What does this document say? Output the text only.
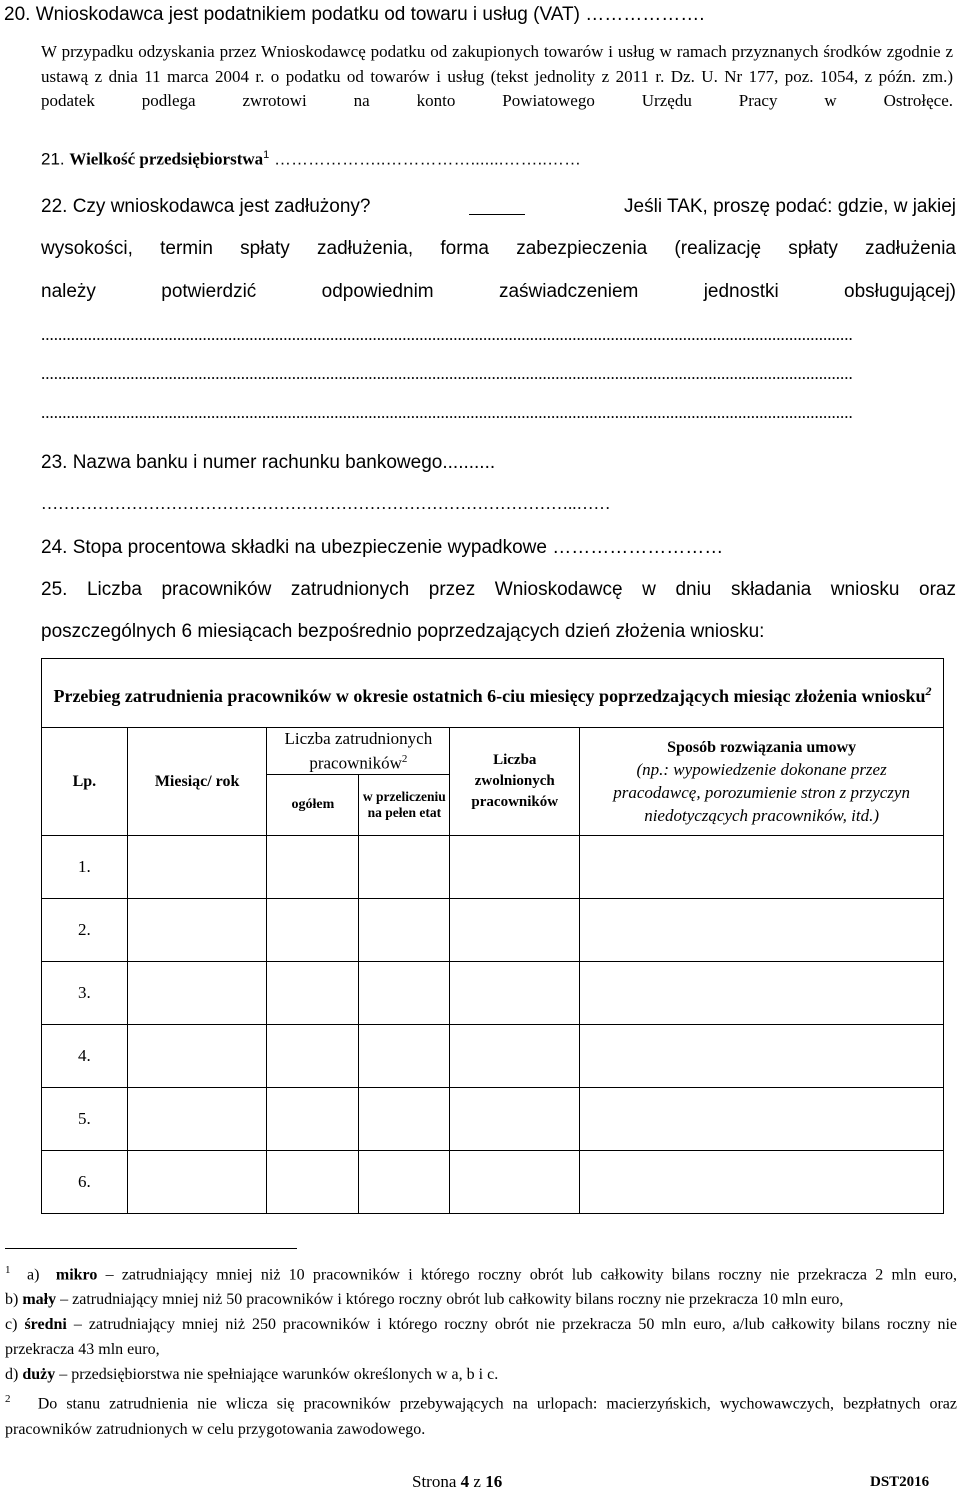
20. Wnioskodawca jest podatnikiem podatku od towaru i usług (VAT) ……………….
W przypadku odzyskania przez Wnioskodawcę podatku od zakupionych towarów i usług w ramach przyznanych środków zgodnie z ustawą z dnia 11 marca 2004 r. o podatku od towarów i usług (tekst jednolity z 2011 r. Dz. U. Nr 177, poz. 1054, z późn. zm.) podatek podlega zwrotowi na konto Powiatowego Urzędu Pracy w Ostrołęce.
21. Wielkość przedsiębiorstwa$^1$ ………………..…………….......……..……
22. Czy wnioskodawca jest zadłużony?	Jeśli TAK, proszę podać: gdzie, w jakiej
wysokości, termin spłaty zadłużenia, forma zabezpieczenia (realizację spłaty zadłużenia
należy potwierdzić odpowiednim zaświadczeniem jednostki obsługującej)
...............................................................................................................................................................................................
...............................................................................................................................................................................................
...............................................................................................................................................................................................
23. Nazwa banku i numer rachunku bankowego..........
…………………………………………………………………………………..……
24. Stopa procentowa składki na ubezpieczenie wypadkowe ………………………
25. Liczba pracowników zatrudnionych przez Wnioskodawcę w dniu składania wniosku oraz
poszczególnych 6 miesiącach bezpośrednio poprzedzających dzień złożenia wniosku:
Przebieg zatrudnienia pracowników w okresie ostatnich 6-ciu miesięcy poprzedzających miesiąc złożenia wniosku$^2$
Lp.	Miesiąc/ rok	Liczba zatrudnionych pracowników$^2$		Liczba zwolnionych pracowników	Sposób rozwiązania umowy
(np.: wypowiedzenie dokonane przez pracodawcę, porozumienie stron z przyczyn niedotyczących pracowników, itd.)

		ogółem	w przeliczeniu na pełen etat		

1.					
2.					
3.					
4.					
5.					
6.					

$^1$ a) mikro – zatrudniający mniej niż 10 pracowników i którego roczny obrót lub całkowity bilans roczny nie przekracza 2 mln euro,

b) mały – zatrudniający mniej niż 50 pracowników i którego roczny obrót lub całkowity bilans roczny nie przekracza 10 mln euro,

c) średni – zatrudniający mniej niż 250 pracowników i którego roczny obrót nie przekracza 50 mln euro, a/lub całkowity bilans roczny nie przekracza 43 mln euro,

d) duży – przedsiębiorstwa nie spełniające warunków określonych w a, b i c.

$^2$ Do stanu zatrudnienia nie wlicza się pracowników przebywających na urlopach: macierzyńskich, wychowawczych, bezpłatnych oraz pracowników zatrudnionych w celu przygotowania zawodowego.

Strona 4 z 16	DST2016
